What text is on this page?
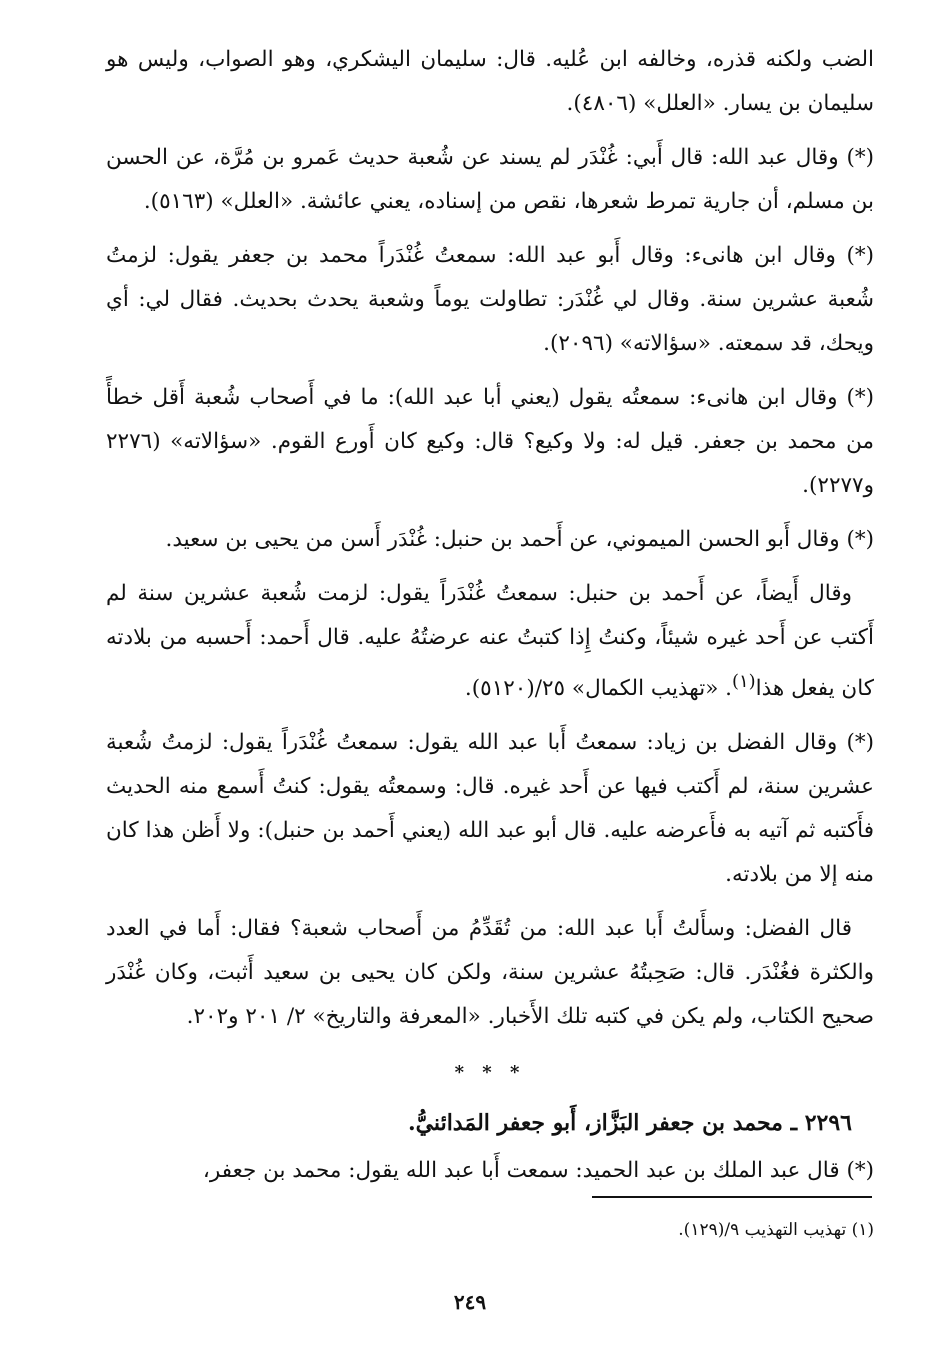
الضب ولكنه قذره، وخالفه ابن عُليه. قال: سليمان اليشكري، وهو الصواب، وليس هو سليمان بن يسار. «العلل» (٤٨٠٦).

(*) وقال عبد الله: قال أَبي: غُنْدَر لم يسند عن شُعبة حديث عَمرو بن مُرَّة، عن الحسن بن مسلم، أن جارية تمرط شعرها، نقص من إسناده، يعني عائشة. «العلل» (٥١٦٣).

(*) وقال ابن هانىء: وقال أَبو عبد الله: سمعتُ غُنْدَراً محمد بن جعفر يقول: لزمتُ شُعبة عشرين سنة. وقال لي غُنْدَر: تطاولت يوماً وشعبة يحدث بحديث. فقال لي: أي ويحك، قد سمعته. «سؤالاته» (٢٠٩٦).

(*) وقال ابن هانىء: سمعتُه يقول (يعني أبا عبد الله): ما في أَصحاب شُعبة أَقل خطأً من محمد بن جعفر. قيل له: ولا وكيع؟ قال: وكيع كان أَورع القوم. «سؤالاته» (٢٢٧٦ و٢٢٧٧).

(*) وقال أَبو الحسن الميموني، عن أَحمد بن حنبل: غُنْدَر أَسن من يحيى بن سعيد.

وقال أَيضاً، عن أَحمد بن حنبل: سمعتُ غُنْدَراً يقول: لزمت شُعبة عشرين سنة لم أَكتب عن أَحد غيره شيئاً، وكنتُ إِذا كتبتُ عنه عرضتُهُ عليه. قال أَحمد: أَحسبه من بلادته كان يفعل هذا$^{(١)}$. «تهذيب الكمال» ٢٥/(٥١٢٠).

(*) وقال الفضل بن زياد: سمعتُ أَبا عبد الله يقول: سمعتُ غُنْدَراً يقول: لزمتُ شُعبة عشرين سنة، لم أَكتب فيها عن أَحد غيره. قال: وسمعتُه يقول: كنتُ أَسمع منه الحديث فأَكتبه ثم آتيه به فأَعرضه عليه. قال أبو عبد الله (يعني أَحمد بن حنبل): ولا أَظن هذا كان منه إلا من بلادته.

قال الفضل: وسأَلتُ أَبا عبد الله: من تُقَدِّمُ من أَصحاب شعبة؟ فقال: أَما في العدد والكثرة فغُنْدَر. قال: صَحِبتُهُ عشرين سنة، ولكن كان يحيى بن سعيد أَثبت، وكان غُنْدَر صحيح الكتاب، ولم يكن في كتبه تلك الأَخبار. «المعرفة والتاريخ» ٢/ ٢٠١ و٢٠٢.

* * *
٢٢٩٦ ـ محمد بن جعفر البَزَّاز، أَبو جعفر المَدائنيُّ.

(*) قال عبد الملك بن عبد الحميد: سمعت أَبا عبد الله يقول: محمد بن جعفر،

(١) تهذيب التهذيب ٩/(١٢٩).
٢٤٩
